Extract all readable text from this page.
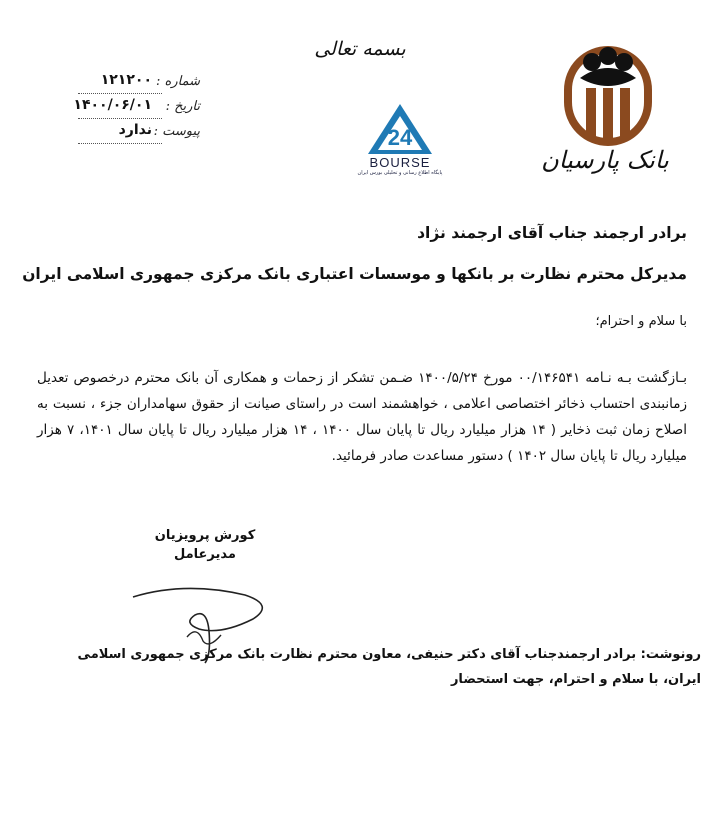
بسمه تعالی
شماره :
۱۲۱۲۰۰
تاریخ :
۱۴۰۰/۰۶/۰۱
پیوست :
ندارد	24
BOURSE
پایگاه اطلاع رسانی و تحلیلی بورس ایران	بانک پارسیان
برادر ارجمند جناب آقای ارجمند نژاد
مدیرکل محترم نظارت بر بانکها و موسسات اعتباری بانک مرکزی جمهوری اسلامی ایران
با سلام و احترام؛
بـازگشت بـه نـامه ۰۰/۱۴۶۵۴۱ مورخ ۱۴۰۰/۵/۲۴ ضـمن تشکر از زحمات و همکاری آن بانک محترم درخصوص تعدیل زمانبندی احتساب ذخائر اختصاصی اعلامی ، خواهشمند است در راستای صیانت از حقوق سهامداران جزء ، نسبت به اصلاح زمان ثبت ذخایر ( ۱۴ هزار میلیارد ریال تا پایان سال ۱۴۰۰ ، ۱۴ هزار میلیارد ریال تا پایان سال ۱۴۰۱، ۷ هزار میلیارد ریال تا پایان سال ۱۴۰۲ ) دستور مساعدت صادر فرمائید.
کورش پرویزیان
مدیرعامل
رونوشت: برادر ارجمندجناب آقای دکتر حنیفی، معاون محترم نظارت بانک مرکزی جمهوری اسلامی ایران، با سلام و احترام، جهت استحضار
